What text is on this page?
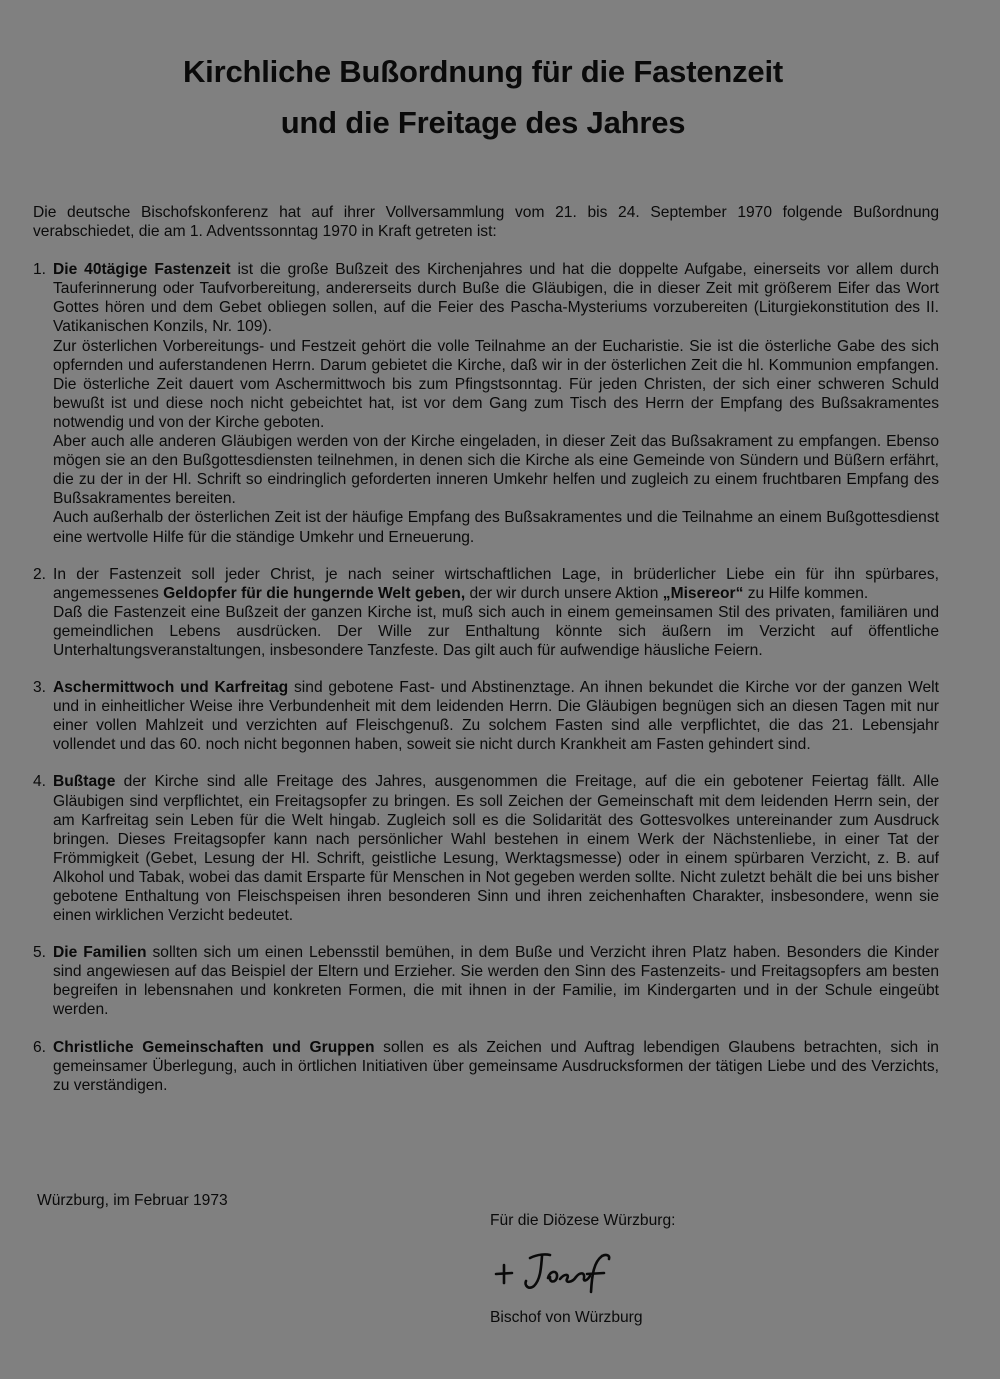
Kirchliche Bußordnung für die Fastenzeit
und die Freitage des Jahres

Die deutsche Bischofskonferenz hat auf ihrer Vollversammlung vom 21. bis 24. September 1970 folgende Bußordnung verabschiedet, die am 1. Adventssonntag 1970 in Kraft getreten ist:

1. Die 40tägige Fastenzeit ist die große Bußzeit des Kirchenjahres und hat die doppelte Aufgabe, einerseits vor allem durch Tauferinnerung oder Taufvorbereitung, andererseits durch Buße die Gläubigen, die in dieser Zeit mit größerem Eifer das Wort Gottes hören und dem Gebet obliegen sollen, auf die Feier des Pascha-Mysteriums vorzubereiten (Liturgiekonstitution des II. Vatikanischen Konzils, Nr. 109).

Zur österlichen Vorbereitungs- und Festzeit gehört die volle Teilnahme an der Eucharistie. Sie ist die österliche Gabe des sich opfernden und auferstandenen Herrn. Darum gebietet die Kirche, daß wir in der österlichen Zeit die hl. Kommunion empfangen. Die österliche Zeit dauert vom Aschermittwoch bis zum Pfingstsonntag. Für jeden Christen, der sich einer schweren Schuld bewußt ist und diese noch nicht gebeichtet hat, ist vor dem Gang zum Tisch des Herrn der Empfang des Bußsakramentes notwendig und von der Kirche geboten.

Aber auch alle anderen Gläubigen werden von der Kirche eingeladen, in dieser Zeit das Bußsakrament zu empfangen. Ebenso mögen sie an den Bußgottesdiensten teilnehmen, in denen sich die Kirche als eine Gemeinde von Sündern und Büßern erfährt, die zu der in der Hl. Schrift so eindringlich geforderten inneren Umkehr helfen und zugleich zu einem fruchtbaren Empfang des Bußsakramentes bereiten.

Auch außerhalb der österlichen Zeit ist der häufige Empfang des Bußsakramentes und die Teilnahme an einem Bußgottesdienst eine wertvolle Hilfe für die ständige Umkehr und Erneuerung.

2. In der Fastenzeit soll jeder Christ, je nach seiner wirtschaftlichen Lage, in brüderlicher Liebe ein für ihn spürbares, angemessenes Geldopfer für die hungernde Welt geben, der wir durch unsere Aktion „Misereor“ zu Hilfe kommen.

Daß die Fastenzeit eine Bußzeit der ganzen Kirche ist, muß sich auch in einem gemeinsamen Stil des privaten, familiären und gemeindlichen Lebens ausdrücken. Der Wille zur Enthaltung könnte sich äußern im Verzicht auf öffentliche Unterhaltungsveranstaltungen, insbesondere Tanzfeste. Das gilt auch für aufwendige häusliche Feiern.

3. Aschermittwoch und Karfreitag sind gebotene Fast- und Abstinenztage. An ihnen bekundet die Kirche vor der ganzen Welt und in einheitlicher Weise ihre Verbundenheit mit dem leidenden Herrn. Die Gläubigen begnügen sich an diesen Tagen mit nur einer vollen Mahlzeit und verzichten auf Fleischgenuß. Zu solchem Fasten sind alle verpflichtet, die das 21. Lebensjahr vollendet und das 60. noch nicht begonnen haben, soweit sie nicht durch Krankheit am Fasten gehindert sind.

4. Bußtage der Kirche sind alle Freitage des Jahres, ausgenommen die Freitage, auf die ein gebotener Feiertag fällt. Alle Gläubigen sind verpflichtet, ein Freitagsopfer zu bringen. Es soll Zeichen der Gemeinschaft mit dem leidenden Herrn sein, der am Karfreitag sein Leben für die Welt hingab. Zugleich soll es die Solidarität des Gottesvolkes untereinander zum Ausdruck bringen. Dieses Freitagsopfer kann nach persönlicher Wahl bestehen in einem Werk der Nächstenliebe, in einer Tat der Frömmigkeit (Gebet, Lesung der Hl. Schrift, geistliche Lesung, Werktagsmesse) oder in einem spürbaren Verzicht, z. B. auf Alkohol und Tabak, wobei das damit Ersparte für Menschen in Not gegeben werden sollte. Nicht zuletzt behält die bei uns bisher gebotene Enthaltung von Fleischspeisen ihren besonderen Sinn und ihren zeichenhaften Charakter, insbesondere, wenn sie einen wirklichen Verzicht bedeutet.

5. Die Familien sollten sich um einen Lebensstil bemühen, in dem Buße und Verzicht ihren Platz haben. Besonders die Kinder sind angewiesen auf das Beispiel der Eltern und Erzieher. Sie werden den Sinn des Fastenzeits- und Freitagsopfers am besten begreifen in lebensnahen und konkreten Formen, die mit ihnen in der Familie, im Kindergarten und in der Schule eingeübt werden.

6. Christliche Gemeinschaften und Gruppen sollen es als Zeichen und Auftrag lebendigen Glaubens betrachten, sich in gemeinsamer Überlegung, auch in örtlichen Initiativen über gemeinsame Ausdrucksformen der tätigen Liebe und des Verzichts, zu verständigen.

Würzburg, im Februar 1973
Für die Diözese Würzburg:
Bischof von Würzburg
